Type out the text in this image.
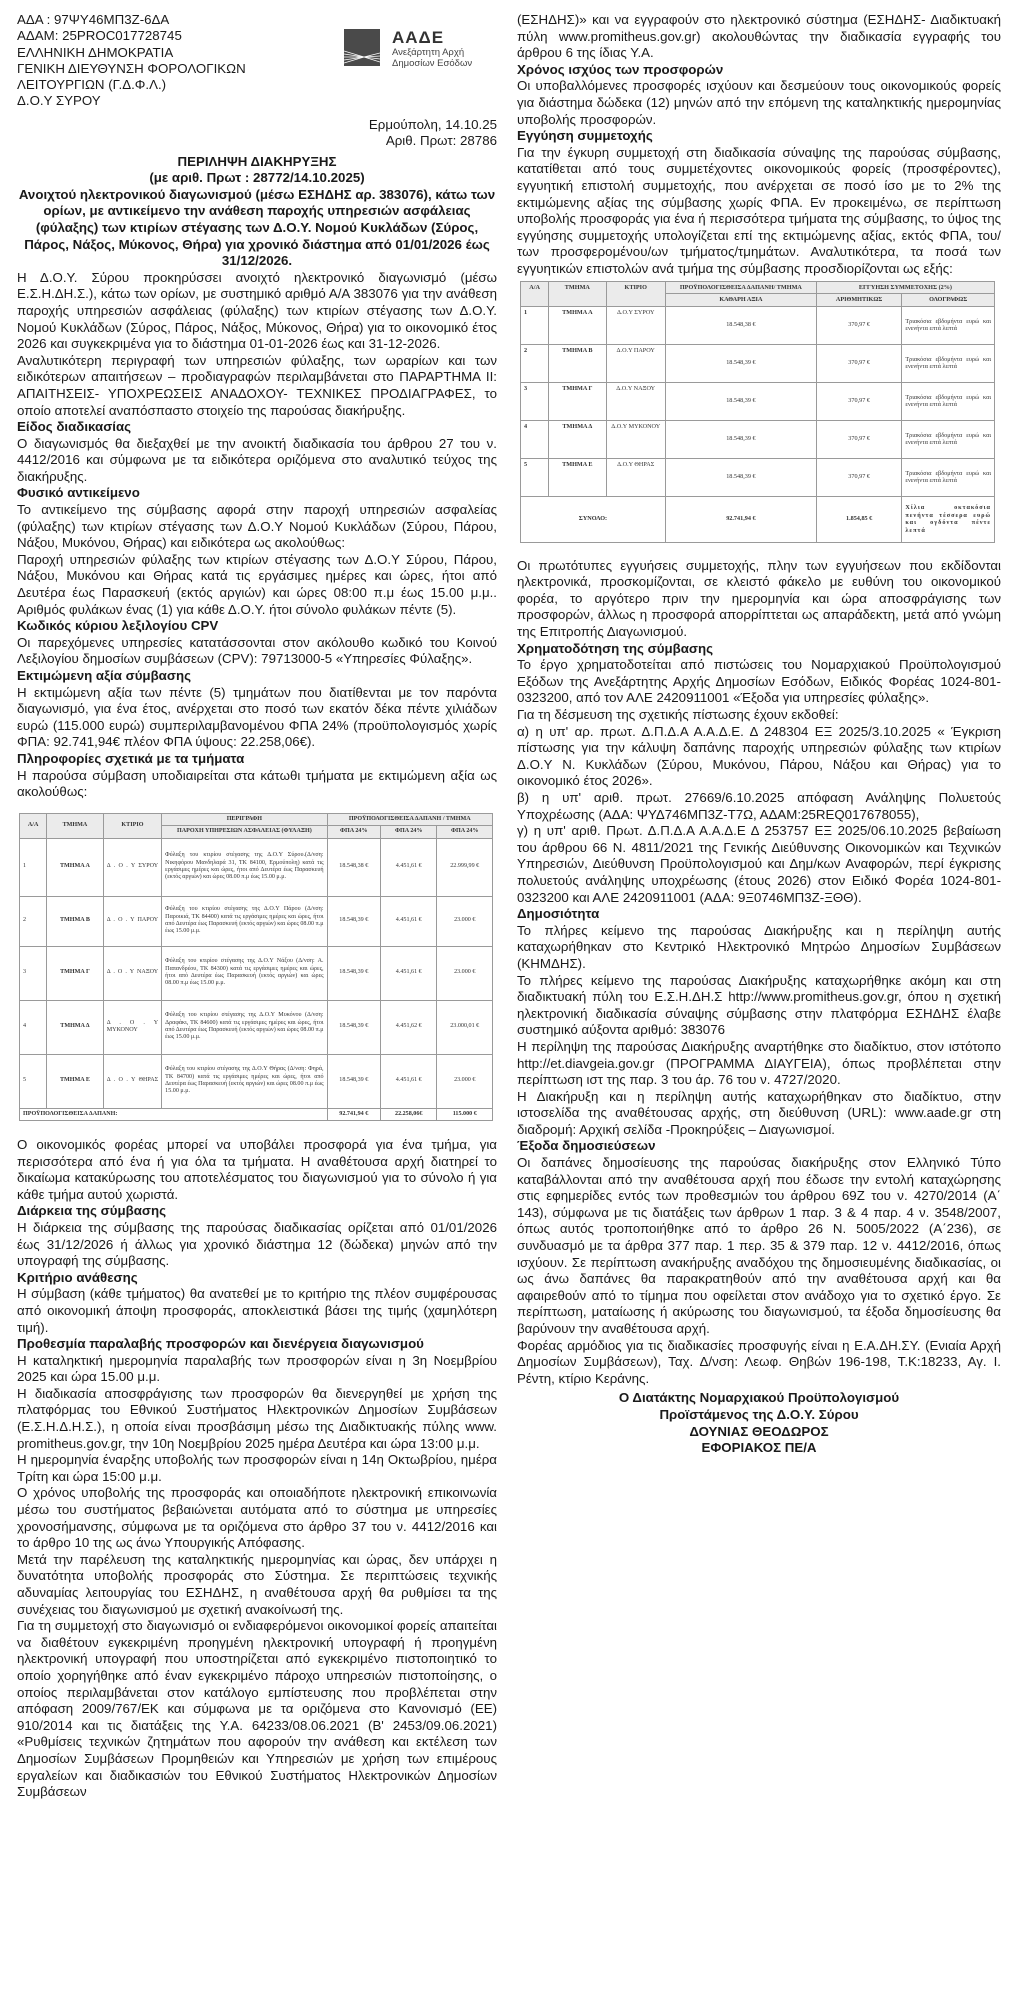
ΑΔΑ : 97ΨΥ46ΜΠ3Ζ-6ΔΑ
ΑΔΑΜ: 25PROC017728745
ΕΛΛΗΝΙΚΗ ΔΗΜΟΚΡΑΤΙΑ
ΓΕΝΙΚΗ ΔΙΕΥΘΥΝΣΗ ΦΟΡΟΛΟΓΙΚΩΝ
ΛΕΙΤΟΥΡΓΙΩΝ (Γ.Δ.Φ.Λ.)
Δ.Ο.Υ ΣΥΡΟΥ
ΑΑΔΕ
Ανεξάρτητη Αρχή
Δημοσίων Εσόδων
Ερμούπολη, 14.10.25
Αριθ. Πρωτ: 28786
ΠΕΡΙΛΗΨΗ ΔΙΑΚΗΡΥΞΗΣ
(με αριθ. Πρωτ : 28772/14.10.2025)
Ανοιχτού ηλεκτρονικού διαγωνισμού (μέσω ΕΣΗΔΗΣ αρ. 383076), κάτω των ορίων, με αντικείμενο την ανάθεση παροχής υπηρεσιών ασφάλειας (φύλαξης) των κτιρίων στέγασης των Δ.Ο.Υ. Νομού Κυκλάδων (Σύρος, Πάρος, Νάξος, Μύκονος, Θήρα) για χρονικό διάστημα από 01/01/2026 έως 31/12/2026.

Η Δ.Ο.Υ. Σύρου προκηρύσσει ανοιχτό ηλεκτρονικό διαγωνισμό (μέσω Ε.Σ.Η.ΔΗ.Σ.), κάτω των ορίων, με συστημικό αριθμό Α/Α 383076 για την ανάθεση παροχής υπηρεσιών ασφάλειας (φύλαξης) των κτιρίων στέγασης των Δ.Ο.Υ. Νομού Κυκλάδων (Σύρος, Πάρος, Νάξος, Μύκονος, Θήρα) για το οικονομικό έτος 2026 και συγκεκριμένα για το διάστημα 01-01-2026 έως και 31-12-2026.

Αναλυτικότερη περιγραφή των υπηρεσιών φύλαξης, των ωραρίων και των ειδικότερων απαιτήσεων – προδιαγραφών περιλαμβάνεται στο ΠΑΡΑΡΤΗΜΑ ΙΙ: ΑΠΑΙΤΗΣΕΙΣ- ΥΠΟΧΡΕΩΣΕΙΣ ΑΝΑΔΟΧΟΥ- ΤΕΧΝΙΚΕΣ ΠΡΟΔΙΑΓΡΑΦΕΣ, το οποίο αποτελεί αναπόσπαστο στοιχείο της παρούσας διακήρυξης.

Είδος διαδικασίας

Ο διαγωνισμός θα διεξαχθεί με την ανοικτή διαδικασία του άρθρου 27 του ν. 4412/2016 και σύμφωνα με τα ειδικότερα οριζόμενα στο αναλυτικό τεύχος της διακήρυξης.

Φυσικό αντικείμενο

Το αντικείμενο της σύμβασης αφορά στην παροχή υπηρεσιών ασφαλείας (φύλαξης) των κτιρίων στέγασης των Δ.Ο.Υ Νομού Κυκλάδων (Σύρου, Πάρου, Νάξου, Μυκόνου, Θήρας) και ειδικότερα ως ακολούθως:

Παροχή υπηρεσιών φύλαξης των κτιρίων στέγασης των Δ.Ο.Υ Σύρου, Πάρου, Νάξου, Μυκόνου και Θήρας κατά τις εργάσιμες ημέρες και ώρες, ήτοι από Δευτέρα έως Παρασκευή (εκτός αργιών) και ώρες 08:00 π.μ έως 15.00 μ.μ.. Αριθμός φυλάκων ένας (1) για κάθε Δ.Ο.Υ. ήτοι σύνολο φυλάκων πέντε (5).

Κωδικός κύριου λεξιλογίου CPV

Οι παρεχόμενες υπηρεσίες κατατάσσονται στον ακόλουθο κωδικό του Κοινού Λεξιλογίου δημοσίων συμβάσεων (CPV): 79713000-5 «Υπηρεσίες Φύλαξης».

Εκτιμώμενη αξία σύμβασης

Η εκτιμώμενη αξία των πέντε (5) τμημάτων που διατίθενται με τον παρόντα διαγωνισμό, για ένα έτος, ανέρχεται στο ποσό των εκατόν δέκα πέντε χιλιάδων ευρώ (115.000 ευρώ) συμπεριλαμβανομένου ΦΠΑ 24% (προϋπολογισμός χωρίς ΦΠΑ: 92.741,94€ πλέον ΦΠΑ ύψους: 22.258,06€).

Πληροφορίες σχετικά με τα τμήματα

Η παρούσα σύμβαση υποδιαιρείται στα κάτωθι τμήματα με εκτιμώμενη αξία ως ακολούθως:

Α/Α	ΤΜΗΜΑ	ΚΤΙΡΙΟ	ΠΕΡΙΓΡΑΦΗ	ΠΡΟΫΠΟΛΟΓΙΣΘΕΙΣΑ ΔΑΠΑΝΗ / ΤΜΗΜΑ		
			ΠΑΡΟΧΗ ΥΠΗΡΕΣΙΩΝ ΑΣΦΑΛΕΙΑΣ (ΦΥΛΑΞΗ)	ΦΠΑ 24%	ΦΠΑ 24%	ΦΠΑ 24%
1	ΤΜΗΜΑ Α	Δ . Ο . Υ ΣΥΡΟΥ	Φύλαξη του κτιρίου στέγασης της Δ.Ο.Υ Σύρου.(Δ/νση: Νικηφόρου Μανδηλαρά 31, ΤΚ 84100, Ερμούπολη) κατά τις εργάσιμες ημέρες και ώρες, ήτοι από Δευτέρα έως Παρασκευή (εκτός αργιών) και ώρες 08.00 π.μ έως 15.00 μ.μ.	18.548,38 €	4.451,61 €	22.999,99 €
2	ΤΜΗΜΑ Β	Δ . Ο . Υ ΠΑΡΟΥ	Φύλαξη του κτιρίου στέγασης της Δ.Ο.Υ Πάρου (Δ/νση: Παροικιά, ΤΚ 84400) κατά τις εργάσιμες ημέρες και ώρες, ήτοι από Δευτέρα έως Παρασκευή (εκτός αργιών) και ώρες 08.00 π.μ έως 15.00 μ.μ.	18.548,39 €	4.451,61 €	23.000 €
3	ΤΜΗΜΑ Γ	Δ . Ο . Υ ΝΑΞΟΥ	Φύλαξη του κτιρίου στέγασης της Δ.Ο.Υ Νάξου (Δ/νση: Α. Παπανδρέου, ΤΚ 84300) κατά τις εργάσιμες ημέρες και ώρες, ήτοι από Δευτέρα έως Παρασκευή (εκτός αργιών) και ώρες 08.00 π.μ έως 15.00 μ.μ.	18.548,39 €	4.451,61 €	23.000 €
4	ΤΜΗΜΑ Δ	Δ . Ο . Υ ΜΥΚΟΝΟΥ	Φύλαξη του κτιρίου στέγασης της Δ.Ο.Υ Μυκόνου (Δ/νση: Δραφάκι, ΤΚ 84600) κατά τις εργάσιμες ημέρες και ώρες, ήτοι από Δευτέρα έως Παρασκευή (εκτός αργιών) και ώρες 08.00 π.μ έως 15.00 μ.μ.	18.548,39 €	4.451,62 €	23.000,01 €
5	ΤΜΗΜΑ Ε	Δ . Ο . Υ ΘΗΡΑΣ	Φύλαξη του κτιρίου στέγασης της Δ.Ο.Υ Θήρας (Δ/νση: Φηρά, ΤΚ 84700) κατά τις εργάσιμες ημέρες και ώρες, ήτοι από Δευτέρα έως Παρασκευή (εκτός αργιών) και ώρες 08.00 π.μ έως 15.00 μ.μ.	18.548,39 €	4.451,61 €	23.000 €
ΠΡΟΫΠΟΛΟΓΙΣΘΕΙΣΑ ΔΑΠΑΝΗ:				92.741,94 €	22.258,06€	115.000 €

Ο οικονομικός φορέας μπορεί να υποβάλει προσφορά για ένα τμήμα, για περισσότερα από ένα ή για όλα τα τμήματα. Η αναθέτουσα αρχή διατηρεί το δικαίωμα κατακύρωσης του αποτελέσματος του διαγωνισμού για το σύνολο ή για κάθε τμήμα αυτού χωριστά.

Διάρκεια της σύμβασης

Η διάρκεια της σύμβασης της παρούσας διαδικασίας ορίζεται από 01/01/2026 έως 31/12/2026 ή άλλως για χρονικό διάστημα 12 (δώδεκα) μηνών από την υπογραφή της σύμβασης.

Κριτήριο ανάθεσης

Η σύμβαση (κάθε τμήματος) θα ανατεθεί με το κριτήριο της πλέον συμφέρουσας από οικονομική άποψη προσφοράς, αποκλειστικά βάσει της τιμής (χαμηλότερη τιμή).

Προθεσμία παραλαβής προσφορών και διενέργεια διαγωνισμού

Η καταληκτική ημερομηνία παραλαβής των προσφορών είναι η 3η Νοεμβρίου 2025 και ώρα 15.00 μ.μ.

Η διαδικασία αποσφράγισης των προσφορών θα διενεργηθεί με χρήση της πλατφόρμας του Εθνικού Συστήματος Ηλεκτρονικών Δημοσίων Συμβάσεων (Ε.Σ.Η.Δ.Η.Σ.), η οποία είναι προσβάσιμη μέσω της Διαδικτυακής πύλης www. promitheus.gov.gr, την 10η Νοεμβρίου 2025 ημέρα Δευτέρα και ώρα 13:00 μ.μ.

Η ημερομηνία έναρξης υποβολής των προσφορών είναι η 14η Οκτωβρίου, ημέρα Τρίτη και ώρα 15:00 μ.μ.

Ο χρόνος υποβολής της προσφοράς και οποιαδήποτε ηλεκτρονική επικοινωνία μέσω του συστήματος βεβαιώνεται αυτόματα από το σύστημα με υπηρεσίες χρονοσήμανσης, σύμφωνα με τα οριζόμενα στο άρθρο 37 του ν. 4412/2016 και το άρθρο 10 της ως άνω Υπουργικής Απόφασης.

Μετά την παρέλευση της καταληκτικής ημερομηνίας και ώρας, δεν υπάρχει η δυνατότητα υποβολής προσφοράς στο Σύστημα. Σε περιπτώσεις τεχνικής αδυναμίας λειτουργίας του ΕΣΗΔΗΣ, η αναθέτουσα αρχή θα ρυθμίσει τα της συνέχειας του διαγωνισμού με σχετική ανακοίνωσή της.

Για τη συμμετοχή στο διαγωνισμό οι ενδιαφερόμενοι οικονομικοί φορείς απαιτείται να διαθέτουν εγκεκριμένη προηγμένη ηλεκτρονική υπογραφή ή προηγμένη ηλεκτρονική υπογραφή που υποστηρίζεται από εγκεκριμένο πιστοποιητικό το οποίο χορηγήθηκε από έναν εγκεκριμένο πάροχο υπηρεσιών πιστοποίησης, ο οποίος περιλαμβάνεται στον κατάλογο εμπίστευσης που προβλέπεται στην απόφαση 2009/767/ΕΚ και σύμφωνα με τα οριζόμενα στο Κανονισμό (ΕΕ) 910/2014 και τις διατάξεις της Υ.Α. 64233/08.06.2021 (Β' 2453/09.06.2021) «Ρυθμίσεις τεχνικών ζητημάτων που αφορούν την ανάθεση και εκτέλεση των Δημοσίων Συμβάσεων Προμηθειών και Υπηρεσιών με χρήση των επιμέρους εργαλείων και διαδικασιών του Εθνικού Συστήματος Ηλεκτρονικών Δημοσίων Συμβάσεων

(ΕΣΗΔΗΣ)» και να εγγραφούν στο ηλεκτρονικό σύστημα (ΕΣΗΔΗΣ- Διαδικτυακή πύλη www.promitheus.gov.gr) ακολουθώντας την διαδικασία εγγραφής του άρθρου 6 της ίδιας Υ.Α.

Χρόνος ισχύος των προσφορών

Οι υποβαλλόμενες προσφορές ισχύουν και δεσμεύουν τους οικονομικούς φορείς για διάστημα δώδεκα (12) μηνών από την επόμενη της καταληκτικής ημερομηνίας υποβολής προσφορών.

Εγγύηση συμμετοχής

Για την έγκυρη συμμετοχή στη διαδικασία σύναψης της παρούσας σύμβασης, κατατίθεται από τους συμμετέχοντες οικονομικούς φορείς (προσφέροντες), εγγυητική επιστολή συμμετοχής, που ανέρχεται σε ποσό ίσο με το 2% της εκτιμώμενης αξίας της σύμβασης χωρίς ΦΠΑ. Εν προκειμένω, σε περίπτωση υποβολής προσφοράς για ένα ή περισσότερα τμήματα της σύμβασης, το ύψος της εγγύησης συμμετοχής υπολογίζεται επί της εκτιμώμενης αξίας, εκτός ΦΠΑ, του/των προσφερομένου/ων τμήματος/τμημάτων. Αναλυτικότερα, τα ποσά των εγγυητικών επιστολών ανά τμήμα της σύμβασης προσδιορίζονται ως εξής:

Α/Α	ΤΜΗΜΑ	ΚΤΙΡΙΟ	ΠΡΟΫΠΟΛΟΓΙΣΘΕΙΣΑ ΔΑΠΑΝΗ/ ΤΜΗΜΑ	ΕΓΓΥΗΣΗ ΣΥΜΜΕΤΟΧΗΣ (2%)	
			ΚΑΘΑΡΗ ΑΞΙΑ	ΑΡΙΘΜΗΤΙΚΩΣ	ΟΛΟΓΡΑΦΩΣ
1	ΤΜΗΜΑ Α	Δ.Ο.Υ ΣΥΡΟΥ	18.548,38 €	370,97 €	Τριακόσια εβδομήντα ευρώ και ενενήντα επτά λεπτά
2	ΤΜΗΜΑ Β	Δ.Ο.Υ ΠΑΡΟΥ	18.548,39 €	370,97 €	Τριακόσια εβδομήντα ευρώ και ενενήντα επτά λεπτά
3	ΤΜΗΜΑ Γ	Δ.Ο.Υ ΝΑΞΟΥ	18.548,39 €	370,97 €	Τριακόσια εβδομήντα ευρώ και ενενήντα επτά λεπτά
4	ΤΜΗΜΑ Δ	Δ.Ο.Υ ΜΥΚΟΝΟΥ	18.548,39 €	370,97 €	Τριακόσια εβδομήντα ευρώ και ενενήντα επτά λεπτά
5	ΤΜΗΜΑ Ε	Δ.Ο.Υ ΘΗΡΑΣ	18.548,39 €	370,97 €	Τριακόσια εβδομήντα ευρώ και ενενήντα επτά λεπτά
ΣΥΝΟΛΟ:			92.741,94 €	1.854,85 €	Χίλια οκτακόσια πενήντα τέσσερα ευρώ και ογδόντα πέντε λεπτά

Οι πρωτότυπες εγγυήσεις συμμετοχής, πλην των εγγυήσεων που εκδίδονται ηλεκτρονικά, προσκομίζονται, σε κλειστό φάκελο με ευθύνη του οικονομικού φορέα, το αργότερο πριν την ημερομηνία και ώρα αποσφράγισης των προσφορών, άλλως η προσφορά απορρίπτεται ως απαράδεκτη, μετά από γνώμη της Επιτροπής Διαγωνισμού.

Χρηματοδότηση της σύμβασης

Το έργο χρηματοδοτείται από πιστώσεις του Νομαρχιακού Προϋπολογισμού Εξόδων της Ανεξάρτητης Αρχής Δημοσίων Εσόδων, Ειδικός Φορέας 1024-801-0323200, από τον ΑΛΕ 2420911001 «Έξοδα για υπηρεσίες φύλαξης».

Για τη δέσμευση της σχετικής πίστωσης έχουν εκδοθεί:

α) η υπ' αρ. πρωτ. Δ.Π.Δ.Α Α.Α.Δ.Ε. Δ 248304 ΕΞ 2025/3.10.2025 « Έγκριση πίστωσης για την κάλυψη δαπάνης παροχής υπηρεσιών φύλαξης των κτιρίων Δ.Ο.Υ Ν. Κυκλάδων (Σύρου, Μυκόνου, Πάρου, Νάξου και Θήρας) για το οικονομικό έτος 2026».

β) η υπ' αριθ. πρωτ. 27669/6.10.2025 απόφαση Ανάληψης Πολυετούς Υποχρέωσης (ΑΔΑ: ΨΥΔ746ΜΠ3Ζ-Τ7Ω, ΑΔΑΜ:25REQ017678055),

γ) η υπ' αριθ. Πρωτ. Δ.Π.Δ.Α Α.Α.Δ.Ε Δ 253757 ΕΞ 2025/06.10.2025 βεβαίωση του άρθρου 66 Ν. 4811/2021 της Γενικής Διεύθυνσης Οικονομικών και Τεχνικών Υπηρεσιών, Διεύθυνση Προϋπολογισμού και Δημ/κων Αναφορών, περί έγκρισης πολυετούς ανάληψης υποχρέωσης (έτους 2026) στον Ειδικό Φορέα 1024-801-0323200 και ΑΛΕ 2420911001 (ΑΔΑ: 9Ξ0746ΜΠ3Ζ-ΞΘΘ).

Δημοσιότητα

Το πλήρες κείμενο της παρούσας Διακήρυξης και η περίληψη αυτής καταχωρήθηκαν στο Κεντρικό Ηλεκτρονικό Μητρώο Δημοσίων Συμβάσεων (ΚΗΜΔΗΣ).

Το πλήρες κείμενο της παρούσας Διακήρυξης καταχωρήθηκε ακόμη και στη διαδικτυακή πύλη του Ε.Σ.Η.ΔΗ.Σ http://www.promitheus.gov.gr, όπου η σχετική ηλεκτρονική διαδικασία σύναψης σύμβασης στην πλατφόρμα ΕΣΗΔΗΣ έλαβε συστημικό αύξοντα αριθμό: 383076

Η περίληψη της παρούσας Διακήρυξης αναρτήθηκε στο διαδίκτυο, στον ιστότοπο http://et.diavgeia.gov.gr (ΠΡΟΓΡΑΜΜΑ ΔΙΑΥΓΕΙΑ), όπως προβλέπεται στην περίπτωση ιστ της παρ. 3 του άρ. 76 του ν. 4727/2020.

Η Διακήρυξη και η περίληψη αυτής καταχωρήθηκαν στο διαδίκτυο, στην ιστοσελίδα της αναθέτουσας αρχής, στη διεύθυνση (URL): www.aade.gr στη διαδρομή: Αρχική σελίδα -Προκηρύξεις – Διαγωνισμοί.

Έξοδα δημοσιεύσεων

Οι δαπάνες δημοσίευσης της παρούσας διακήρυξης στον Ελληνικό Τύπο καταβάλλονται από την αναθέτουσα αρχή που έδωσε την εντολή καταχώρησης στις εφημερίδες εντός των προθεσμιών του άρθρου 69Ζ του ν. 4270/2014 (Α΄ 143), σύμφωνα με τις διατάξεις των άρθρων 1 παρ. 3 & 4 παρ. 4 ν. 3548/2007, όπως αυτός τροποποιήθηκε από το άρθρο 26 Ν. 5005/2022 (Α΄236), σε συνδυασμό με τα άρθρα 377 παρ. 1 περ. 35 & 379 παρ. 12 ν. 4412/2016, όπως ισχύουν. Σε περίπτωση ανακήρυξης αναδόχου της δημοσιευμένης διαδικασίας, οι ως άνω δαπάνες θα παρακρατηθούν από την αναθέτουσα αρχή και θα αφαιρεθούν από το τίμημα που οφείλεται στον ανάδοχο για το σχετικό έργο. Σε περίπτωση, ματαίωσης ή ακύρωσης του διαγωνισμού, τα έξοδα δημοσίευσης θα βαρύνουν την αναθέτουσα αρχή.

Φορέας αρμόδιος για τις διαδικασίες προσφυγής είναι η Ε.Α.ΔΗ.ΣΥ. (Ενιαία Αρχή Δημοσίων Συμβάσεων), Ταχ. Δ/νση: Λεωφ. Θηβών 196-198, Τ.Κ:18233, Αγ. Ι. Ρέντη, κτίριο Κεράνης.

Ο Διατάκτης Νομαρχιακού Προϋπολογισμού
Προϊστάμενος της Δ.Ο.Υ. Σύρου
ΔΟΥΝΙΑΣ ΘΕΟΔΩΡΟΣ
ΕΦΟΡΙΑΚΟΣ ΠΕ/Α
